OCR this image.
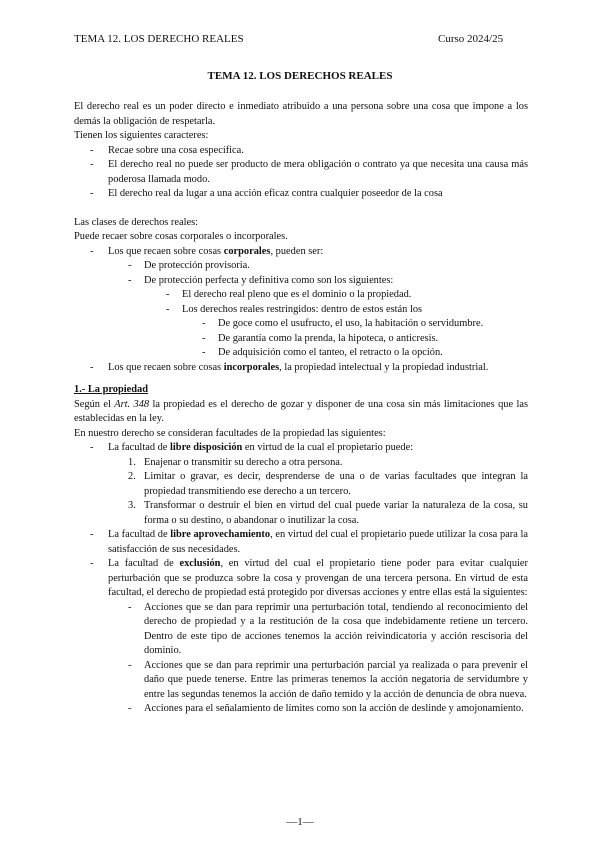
TEMA 12. LOS DERECHO REALES	Curso 2024/25
TEMA 12. LOS DERECHOS REALES

El derecho real es un poder directo e inmediato atribuido a una persona sobre una cosa que impone a los demás la obligación de respetarla.

Tienen los siguientes caracteres:

- Recae sobre una cosa específica.
- El derecho real no puede ser producto de mera obligación o contrato ya que necesita una causa más poderosa llamada modo.
- El derecho real da lugar a una acción eficaz contra cualquier poseedor de la cosa

Las clases de derechos reales:

Puede recaer sobre cosas corporales o incorporales.

- Los que recaen sobre cosas corporales, pueden ser:
- De protección provisoria.
- De protección perfecta y definitiva como son los siguientes:
- El derecho real pleno que es el dominio o la propiedad.
- Los derechos reales restringidos: dentro de estos están los
- De goce como el usufructo, el uso, la habitación o servidumbre.
- De garantía como la prenda, la hipoteca, o anticresis.
- De adquisición como el tanteo, el retracto o la opción.
- Los que recaen sobre cosas incorporales, la propiedad intelectual y la propiedad industrial.

1.- La propiedad

Según el Art. 348 la propiedad es el derecho de gozar y disponer de una cosa sin más limitaciones que las establecidas en la ley.

En nuestro derecho se consideran facultades de la propiedad las siguientes:

- La facultad de libre disposición en virtud de la cual el propietario puede:
1. Enajenar o transmitir su derecho a otra persona.
2. Limitar o gravar, es decir, desprenderse de una o de varias facultades que integran la propiedad transmitiendo ese derecho a un tercero.
3. Transformar o destruir el bien en virtud del cual puede variar la naturaleza de la cosa, su forma o su destino, o abandonar o inutilizar la cosa.
- La facultad de libre aprovechamiento, en virtud del cual el propietario puede utilizar la cosa para la satisfacción de sus necesidades.
- La facultad de exclusión, en virtud del cual el propietario tiene poder para evitar cualquier perturbación que se produzca sobre la cosa y provengan de una tercera persona. En virtud de esta facultad, el derecho de propiedad está protegido por diversas acciones y entre ellas está la siguientes:
- Acciones que se dan para reprimir una perturbación total, tendiendo al reconocimiento del derecho de propiedad y a la restitución de la cosa que indebidamente retiene un tercero. Dentro de este tipo de acciones tenemos la acción reivindicatoria y acción rescisoria del dominio.
- Acciones que se dan para reprimir una perturbación parcial ya realizada o para prevenir el daño que puede tenerse. Entre las primeras tenemos la acción negatoria de servidumbre y entre las segundas tenemos la acción de daño temido y la acción de denuncia de obra nueva.
- Acciones para el señalamiento de límites como son la acción de deslinde y amojonamiento.
—1—
